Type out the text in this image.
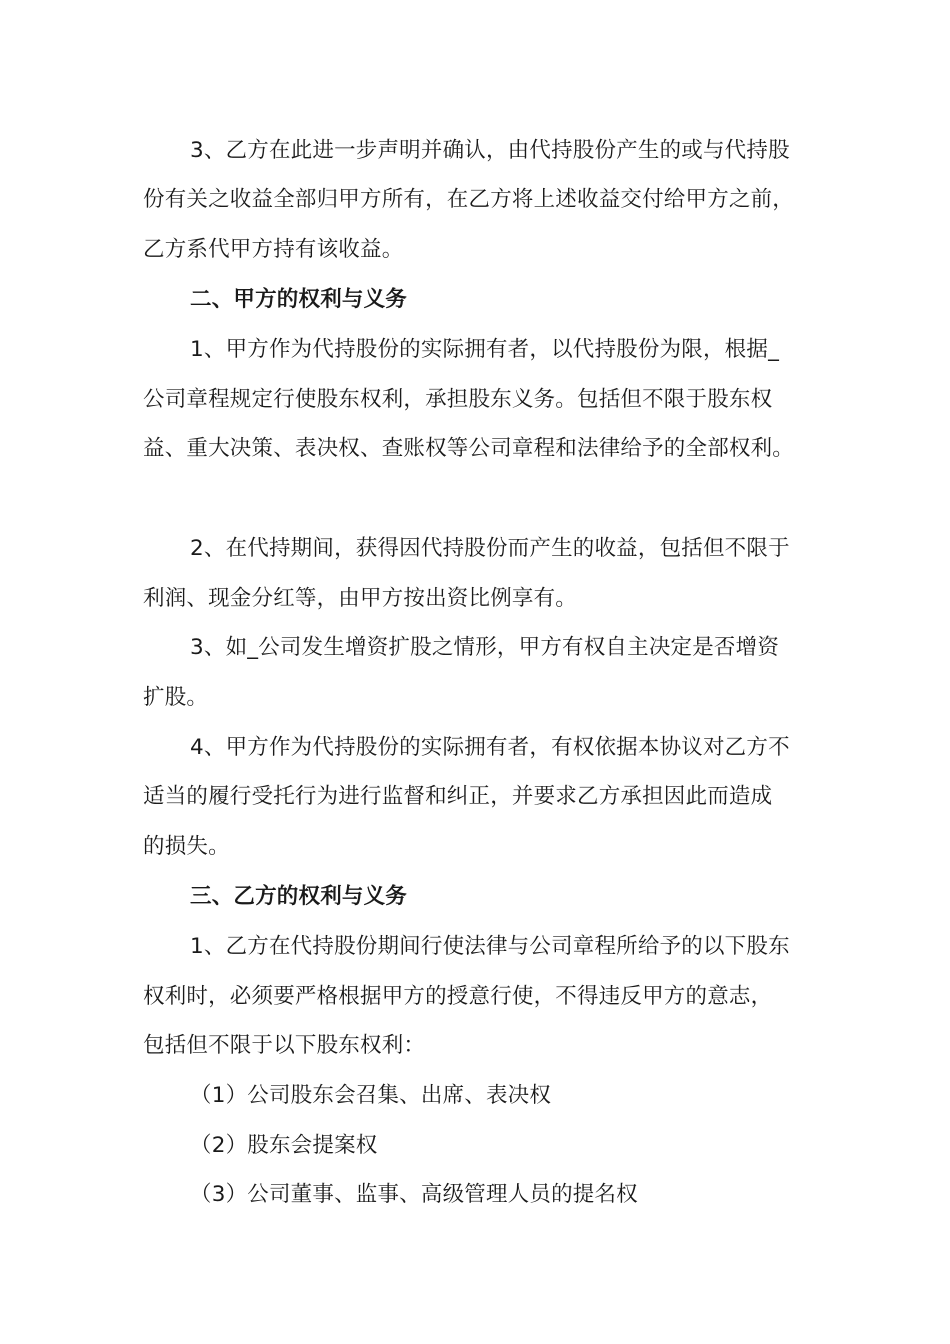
3、乙方在此进一步声明并确认，由代持股份产生的或与代持股
份有关之收益全部归甲方所有，在乙方将上述收益交付给甲方之前，
乙方系代甲方持有该收益。
二、甲方的权利与义务
1、甲方作为代持股份的实际拥有者，以代持股份为限，根据_
公司章程规定行使股东权利，承担股东义务。包括但不限于股东权
益、重大决策、表决权、查账权等公司章程和法律给予的全部权利。
2、在代持期间，获得因代持股份而产生的收益，包括但不限于
利润、现金分红等，由甲方按出资比例享有。
3、如_公司发生增资扩股之情形，甲方有权自主决定是否增资
扩股。
4、甲方作为代持股份的实际拥有者，有权依据本协议对乙方不
适当的履行受托行为进行监督和纠正，并要求乙方承担因此而造成
的损失。
三、乙方的权利与义务
1、乙方在代持股份期间行使法律与公司章程所给予的以下股东
权利时，必须要严格根据甲方的授意行使，不得违反甲方的意志，
包括但不限于以下股东权利：
（1）公司股东会召集、出席、表决权
（2）股东会提案权
（3）公司董事、监事、高级管理人员的提名权
